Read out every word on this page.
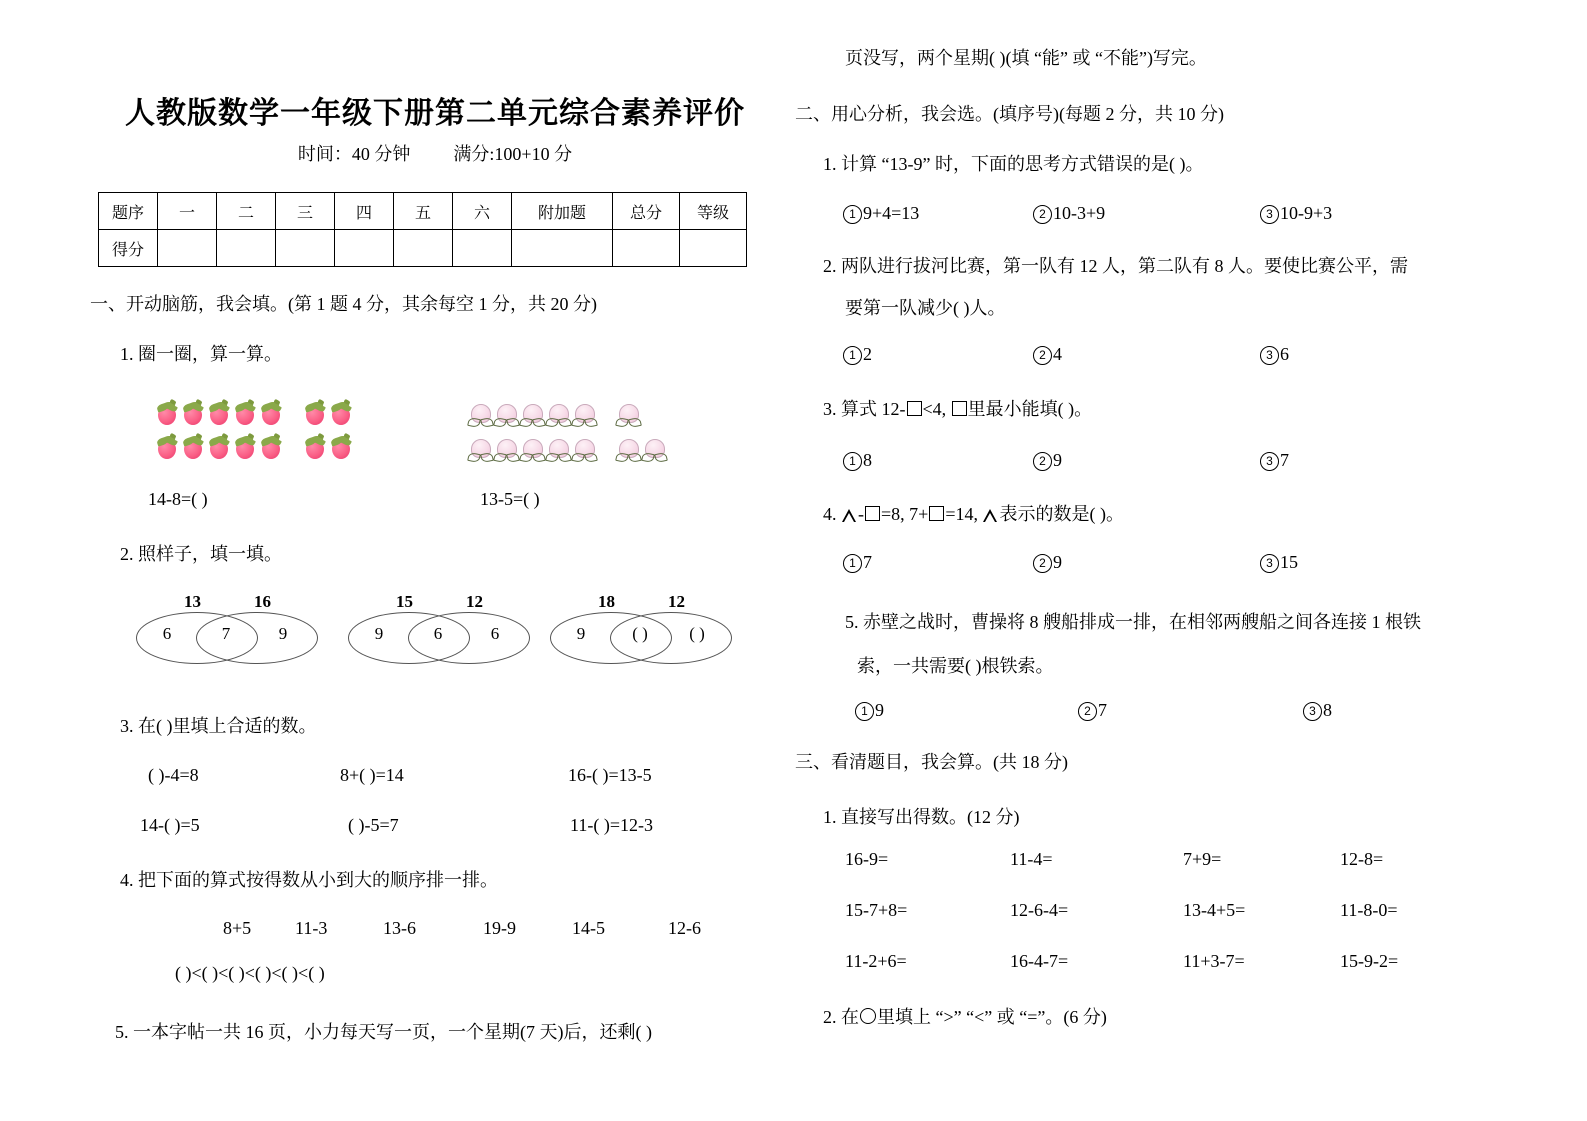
人教版数学一年级下册第二单元综合素养评价
时间：40 分钟 满分:100+10 分
题序	一	二	三	四	五	六	附加题	总分	等级
得分									
一、开动脑筋，我会填。(第 1 题 4 分，其余每空 1 分，共 20 分)
1. 圈一圈，算一算。
14-8=( )	13-5=( )
2. 照样子，填一填。
13	16
6	7	9
15	12
9	6	6
18	12
9	( )	( )
3. 在( )里填上合适的数。
( )-4=8	8+( )=14	16-( )=13-5
14-( )=5	( )-5=7	11-( )=12-3
4. 把下面的算式按得数从小到大的顺序排一排。
8+5 11-3	13-6	19-9	14-5	12-6
( )<( )<( )<( )<( )<( )
5. 一本字帖一共 16 页，小力每天写一页，一个星期(7 天)后，还剩( )
页没写，两个星期( )(填 “能” 或 “不能”)写完。
二、用心分析，我会选。(填序号)(每题 2 分，共 10 分)
1. 计算 “13-9” 时，下面的思考方式错误的是( )。
1 9+4=13	2 10-3+9	3 10-9+3
2. 两队进行拔河比赛，第一队有 12 人，第二队有 8 人。要使比赛公平，需
要第一队减少( )人。
1 2	2 4	3 6
3. 算式 12- <4, 里最小能填( )。
1 8	2 9	3 7
4. - =8, 7+ =14, 表示的数是( )。
1 7	2 9	3 15
5. 赤壁之战时，曹操将 8 艘船排成一排，在相邻两艘船之间各连接 1 根铁
索，一共需要( )根铁索。
1 9	2 7	3 8
三、看清题目，我会算。(共 18 分)
1. 直接写出得数。(12 分)
16-9=	11-4=	7+9=	12-8=
15-7+8=	12-6-4=	13-4+5=	11-8-0=
11-2+6=	16-4-7=	11+3-7=	15-9-2=
2. 在 里填上 “>” “<” 或 “=”。(6 分)
